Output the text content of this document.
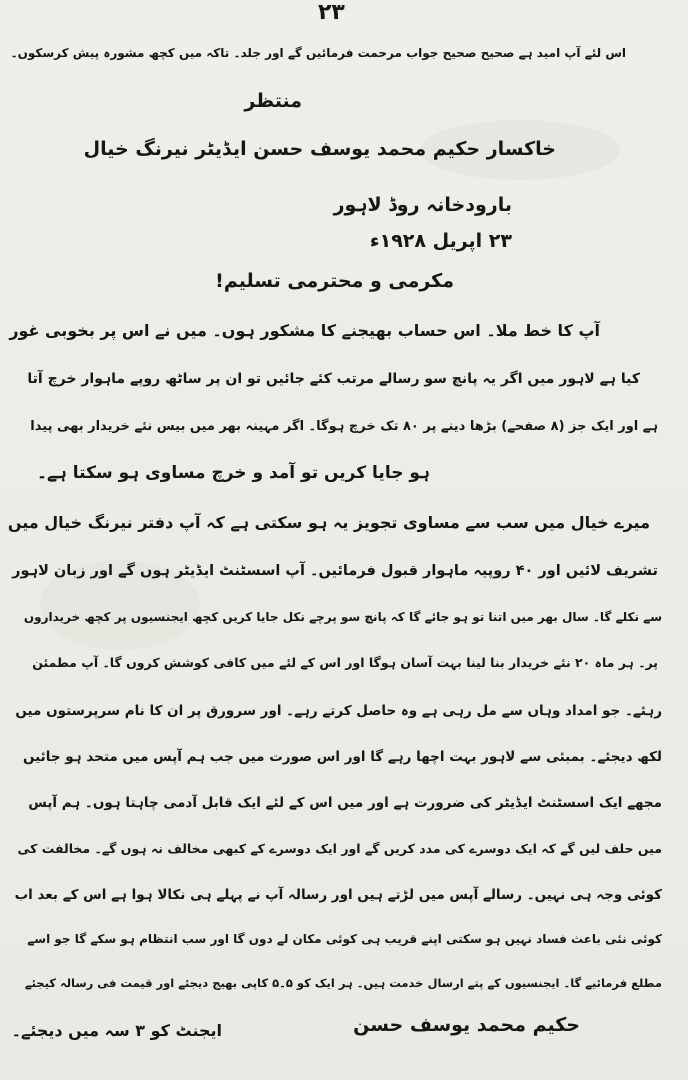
۲۳
اس لئے آپ امید ہے صحیح صحیح جواب مرحمت فرمائیں گے اور جلد۔ تاکہ میں کچھ مشورہ پیش کرسکوں۔
منتظر
خاکسار حکیم محمد یوسف حسن ایڈیٹر نیرنگ خیال
بارودخانہ روڈ لاہور
۲۳ اپریل ۱۹۲۸ء
مکرمی و محترمی تسلیم!
آپ کا خط ملا۔ اس حساب بھیجنے کا مشکور ہوں۔ میں نے اس پر بخوبی غور
کیا ہے لاہور میں اگر یہ پانچ سو رسالے مرتب کئے جائیں تو ان پر ساٹھ روپے ماہوار خرچ آتا
ہے اور ایک جز (۸ صفحے) بڑھا دینے پر ۸۰ تک خرچ ہوگا۔ اگر مہینہ بھر میں بیس نئے خریدار بھی پیدا
ہو جایا کریں تو آمد و خرچ مساوی ہو سکتا ہے۔
میرے خیال میں سب سے مساوی تجویز یہ ہو سکتی ہے کہ آپ دفتر نیرنگ خیال میں
تشریف لائیں اور ۴۰ روپیہ ماہوار قبول فرمائیں۔ آپ اسسٹنٹ ایڈیٹر ہوں گے اور زبان لاہور
سے نکلے گا۔ سال بھر میں اتنا تو ہو جائے گا کہ پانچ سو پرچے نکل جایا کریں کچھ ایجنسیوں پر کچھ خریداروں
پر۔ ہر ماہ ۲۰ نئے خریدار بنا لینا بہت آسان ہوگا اور اس کے لئے میں کافی کوشش کروں گا۔ آپ مطمئن
رہئے۔ جو امداد وہاں سے مل رہی ہے وہ حاصل کرتے رہے۔ اور سرورق پر ان کا نام سرپرستوں میں
لکھ دیجئے۔ بمبئی سے لاہور بہت اچھا رہے گا اور اس صورت میں جب ہم آپس میں متحد ہو جائیں
مجھے ایک اسسٹنٹ ایڈیٹر کی ضرورت ہے اور میں اس کے لئے ایک قابل آدمی چاہتا ہوں۔ ہم آپس
میں حلف لیں گے کہ ایک دوسرے کی مدد کریں گے اور ایک دوسرے کے کبھی مخالف نہ ہوں گے۔ مخالفت کی
کوئی وجہ ہی نہیں۔ رسالے آپس میں لڑتے ہیں اور رسالہ آپ نے پہلے ہی نکالا ہوا ہے اس کے بعد اب
کوئی نئی باعث فساد نہیں ہو سکتی اپنے قریب ہی کوئی مکان لے دوں گا اور سب انتظام ہو سکے گا جو اسے
مطلع فرمائیے گا۔ ایجنسیوں کے پتے ارسال خدمت ہیں۔ ہر ایک کو ۵۔۵ کاپی بھیج دیجئے اور قیمت فی رسالہ کیجئے
ایجنٹ کو ۳ سہ میں دیجئے۔	حکیم محمد یوسف حسن
